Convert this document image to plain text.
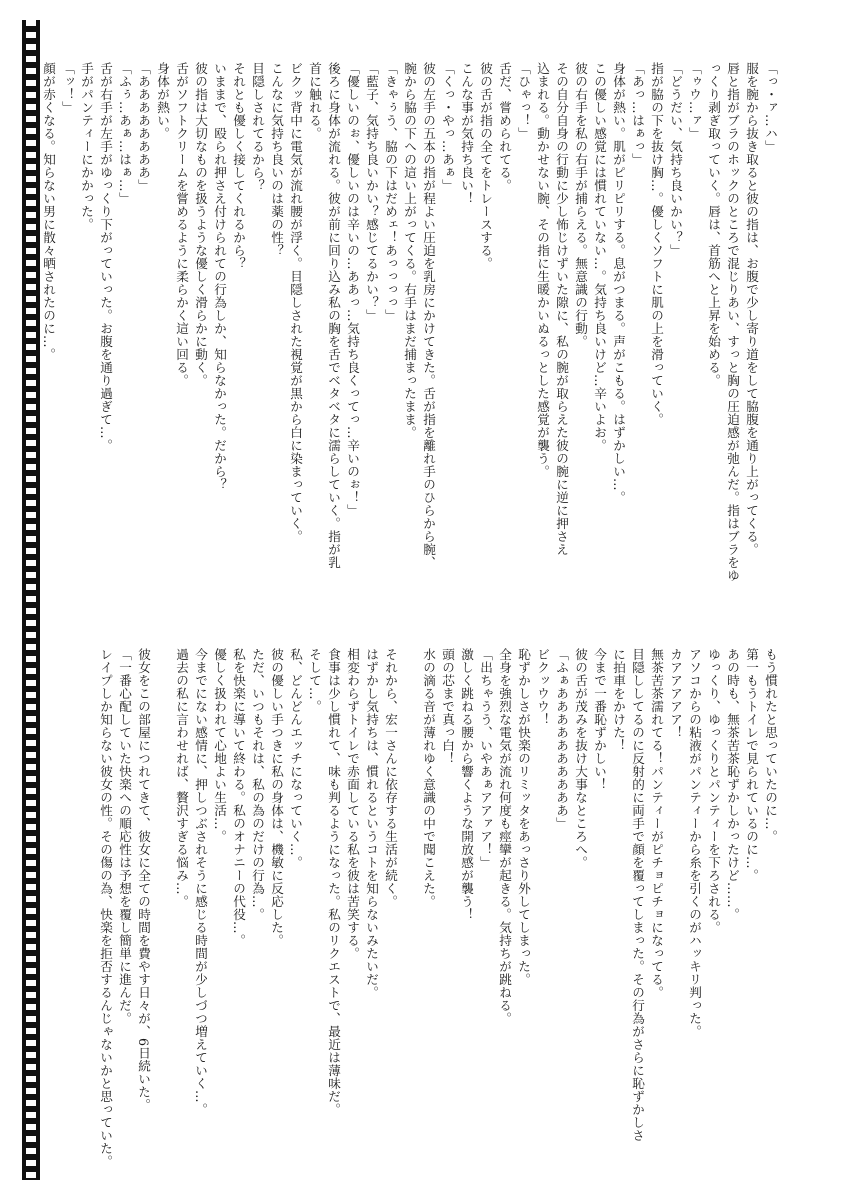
「っ・ァ…ハ」
服を腕から抜き取ると彼の指は、お腹で少し寄り道をして脇腹を通り上がってくる。
唇と指がブラのホックのところで混じりあい、すっと胸の圧迫感が弛んだ。指はブラをゆ
っくり剥ぎ取っていく。唇は、首筋へと上昇を始める。
「ゥウ…ァ」
「どうだい、気持ち良いかい？」
指が脇の下を抜け胸…。優しくソフトに肌の上を滑っていく。
「あっ…はぁっ」
身体が熱い。肌がピリピリする。息がつまる。声がこもる。はずかしい…。
この優しい感覚には慣れていない…。気持ち良いけど…辛いよお。
彼の右手を私の右手が捕らえる。無意識の行動。
その自分自身の行動に少し怖じけずいた隙に、私の腕が取らえた彼の腕に逆に押さえ
込まれる。動かせない腕、その指に生暖かいぬるっとした感覚が襲う。
「ひゃっ！」
舌だ、嘗められてる。
彼の舌が指の全てをトレースする。
こんな事が気持ち良い！
「くっ・やっ…あぁ」
彼の左手の五本の指が程よい圧迫を乳房にかけてきた。舌が指を離れ手のひらから腕、
腕から脇の下への這い上がってくる。右手はまだ捕まったまま。
「きゃぅう、脇の下はだめェ！あっっっっ」
「藍子、気持ち良いかい？感じてるかい？」
「優しいのぉ、優しいのは辛いの…ああっ…気持ち良くってっ…辛いのぉ！」
後ろに身体が流れる。彼が前に回り込み私の胸を舌でベタベタに濡らしていく。指が乳
首に触れる。
ビクッ背中に電気が流れ腰が浮く。目隠しされた視覚が黒から白に染まっていく。
こんなに気持ち良いのは薬の性？
目隠しされてるから？
それとも優しく接してくれるから？
いままで、殴られ押さえ付けられての行為しか、知らなかった。だから？
彼の指は大切なものを扱うような優しく滑らかに動く。
舌がソフトクリームを嘗めるように柔らかく這い回る。
身体が熱い。
「ああああああああ」
「ふぅ…あぁ…はぁ…」
舌が右手が左手がゆっくり下がっていった。お腹を通り過ぎて…。
手がパンティーにかかった。
「ッ！」
顔が赤くなる。知らない男に散々晒されたのに…。
もう慣れたと思っていたのに…。
第一もうトイレで見られているのに…。
あの時も、無茶苦茶恥ずかしかったけど……。
ゆっくり、ゆっくりとパンティーを下ろされる。
アソコからの粘液がパンティーから糸を引くのがハッキリ判った。
カアアアアア！
無茶苦茶濡れてる！パンティーがピチョピチョになってる。
目隠ししてるのに反射的に両手で顔を覆ってしまった。その行為がさらに恥ずかしさ
に拍車をかけた！
今まで一番恥ずかしい！
彼の舌が茂みを抜け大事なところへ。
「ふぁああああああああああ」
ビクッウウ！
恥ずかしさが快楽のリミッタをあっさり外してしまった。
全身を強烈な電気が流れ何度も痙攣が起きる。気持ちが跳ねる。
「出ちゃうう、いやあぁアアァア！」
激しく跳ねる腰から響くような開放感が襲う！
頭の芯まで真っ白！
水の滴る音が薄れゆく意識の中で聞こえた。

それから、宏一さんに依存する生活が続く。
はずかし気持ちは、慣れるというコトを知らないみたいだ。
相変わらずトイレで赤面している私を彼は苦笑する。
食事は少し慣れて、味も判るようになった。私のリクエストで、最近は薄味だ。
そして…。
私、どんどんエッチになっていく…。
彼の優しい手つきに私の身体は、機敏に反応した。
ただ、いつもそれは、私の為のだけの行為…。
私を快楽に導いて終わる。私のオナニーの代役…。
優しく扱われて心地よい生活…。
今までにない感情に、押しつぶされそうに感じる時間が少しづつ増えていく…。
過去の私に言わせれば、贅沢すぎる悩み…。

彼女をこの部屋につれてきて、彼女に全ての時間を費やす日々が、6日続いた。
「一番心配していた快楽への順応性は予想を覆し簡単に進んだ。
レイプしか知らない彼女の性。その傷の為、快楽を拒否するんじゃないかと思っていた。
